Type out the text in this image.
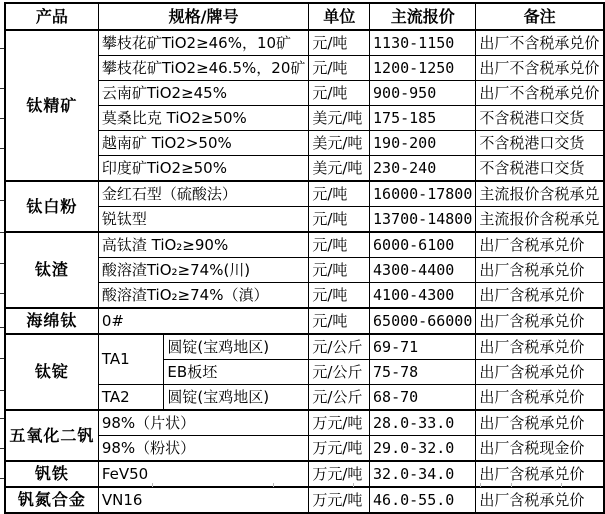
产品	规格/牌号		单位	主流报价	备注
钛精矿	攀枝花矿TiO2≥46%，10矿		元/吨	1130-1150	出厂不含税承兑价
	攀枝花矿TiO2≥46.5%，20矿		元/吨	1200-1250	出厂不含税承兑价
	云南矿TiO2≥45%		元/吨	900-950	出厂不含税承兑价
	莫桑比克 TiO2≥50%		美元/吨	175-185	不含税港口交货
	越南矿 TiO2>50%		美元/吨	190-200	不含税港口交货
	印度矿TiO2≥50%		美元/吨	230-240	不含税港口交货
钛白粉	金红石型（硫酸法）		元/吨	16000-17800	主流报价含税承兑
	锐钛型		元/吨	13700-14800	主流报价含税承兑
钛渣	高钛渣 TiO₂≥90%		元/吨	6000-6100	出厂含税承兑价
	酸溶渣TiO₂≥74%(川)		元/吨	4300-4400	出厂含税承兑价
	酸溶渣TiO₂≥74%（滇）		元/吨	4100-4300	出厂含税承兑价
海绵钛	0#		元/吨	65000-66000	出厂含税承兑价
钛锭	TA1	圆锭(宝鸡地区)	元/公斤	69-71	出厂含税承兑价
		EB板坯	元/公斤	75-78	出厂含税承兑价
	TA2	圆锭(宝鸡地区)	元/公斤	68-70	出厂含税承兑价
五氧化二钒	98%（片状）		万元/吨	28.0-33.0	出厂含税承兑价
	98%（粉状）		万元/吨	29.0-32.0	出厂含税现金价
钒铁	FeV50		万元/吨	32.0-34.0	出厂含税承兑价
钒氮合金	VN16		万元/吨	46.0-55.0	出厂含税承兑价
